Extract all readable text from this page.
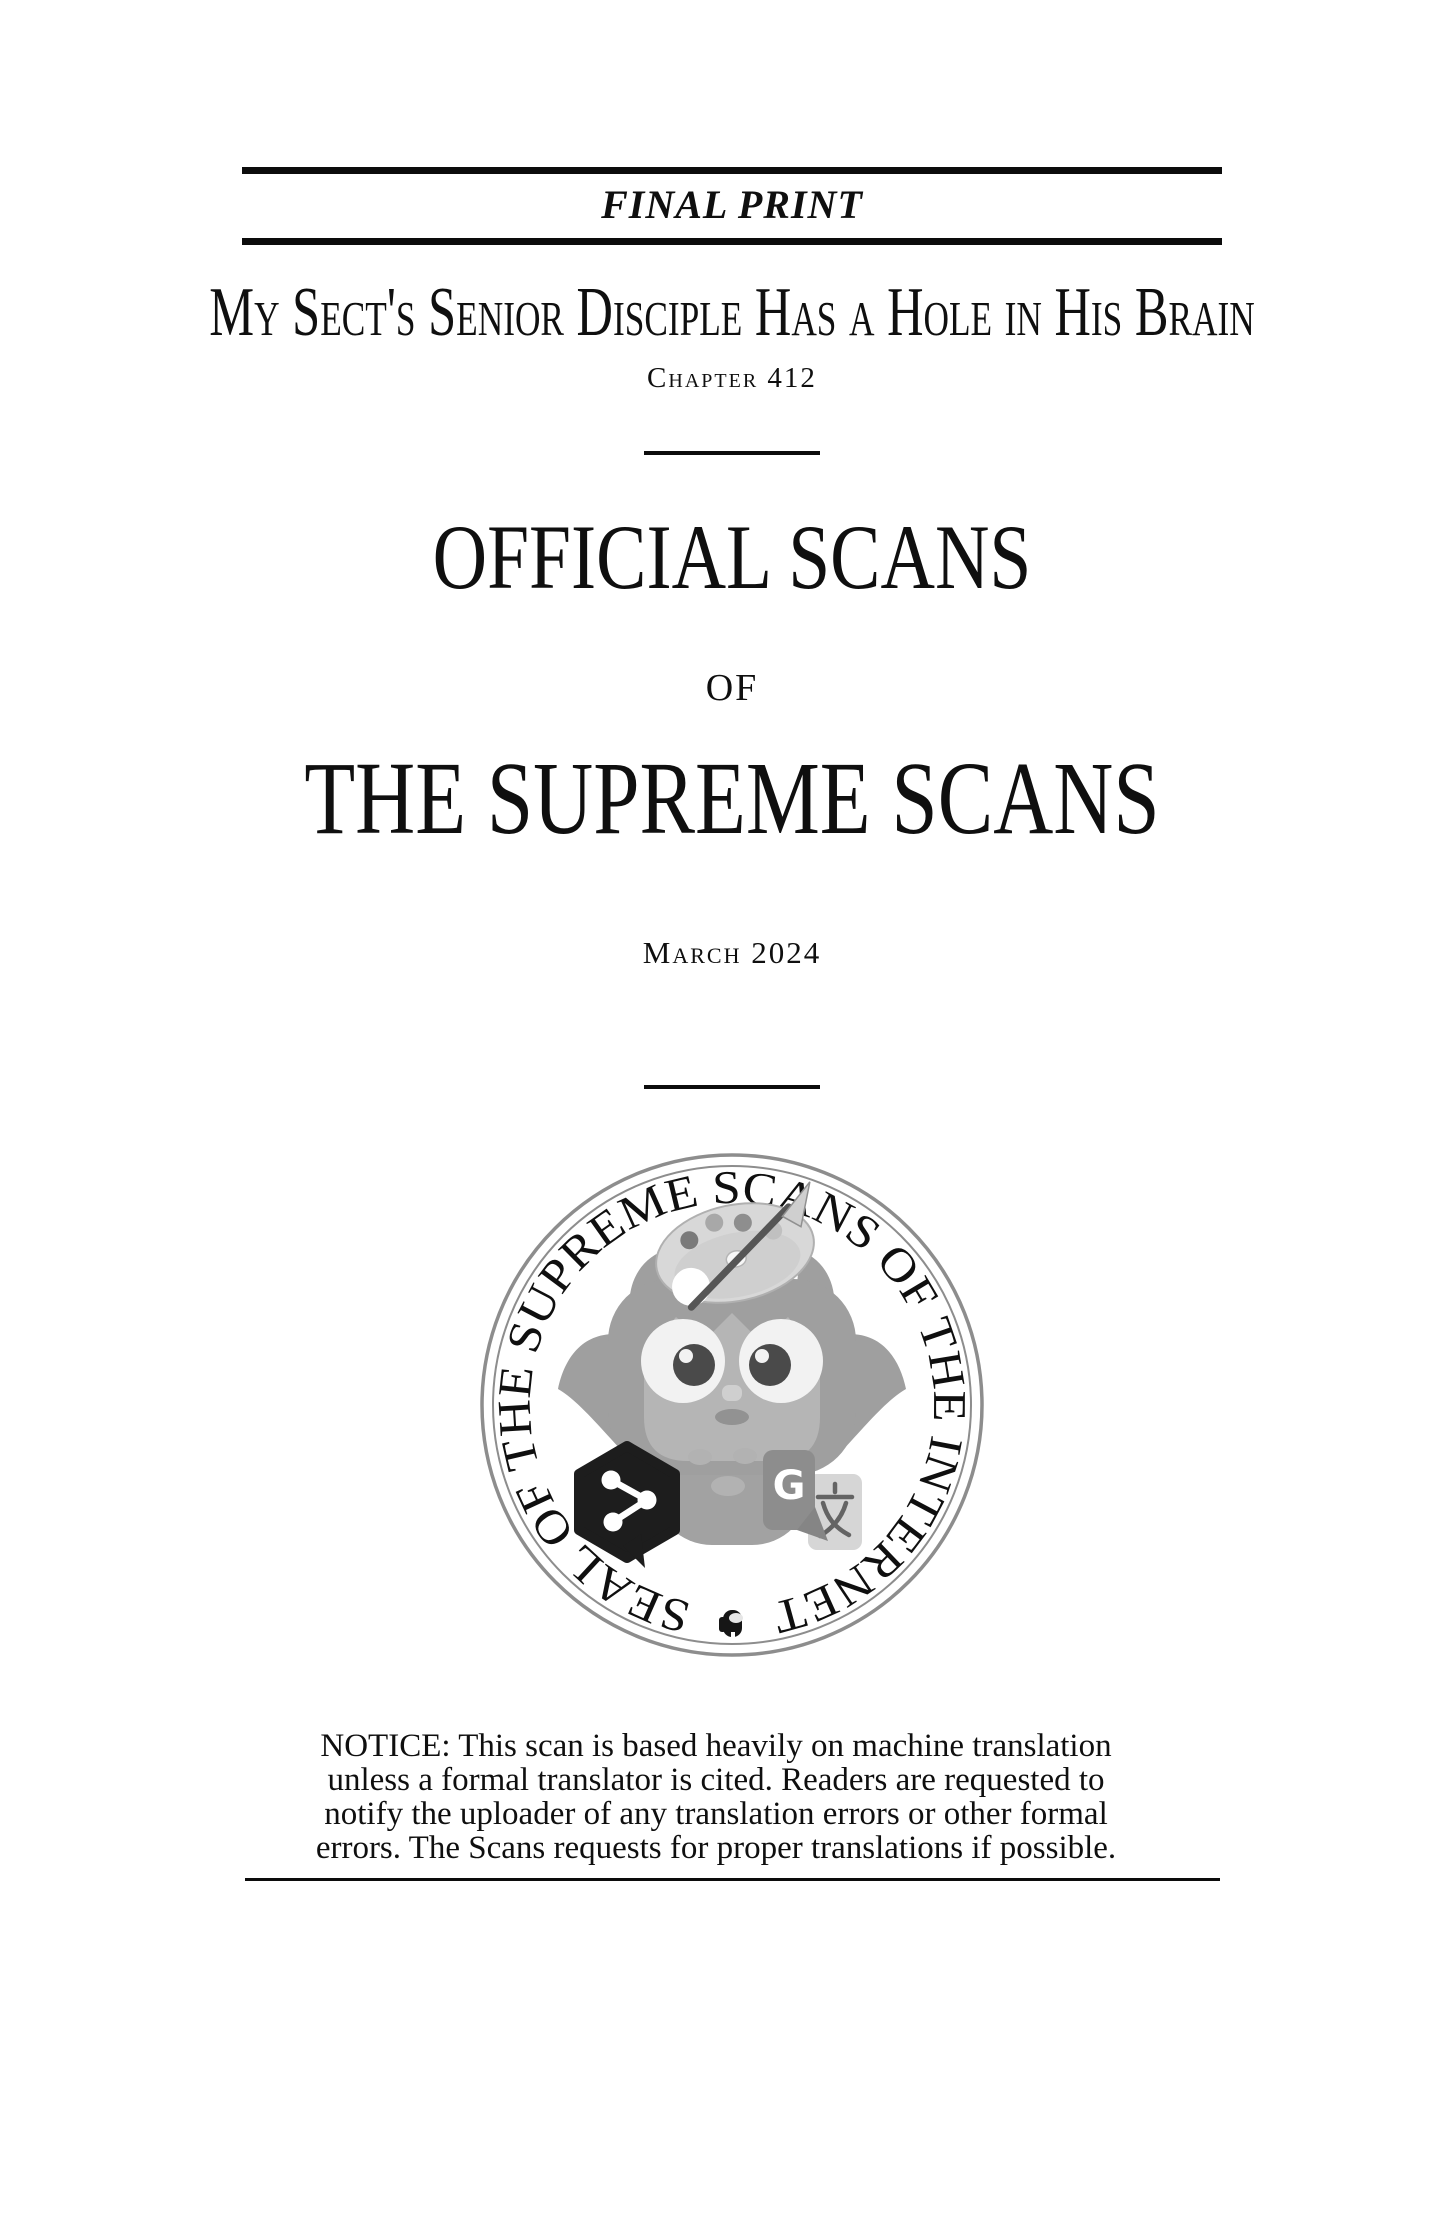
FINAL PRINT
My Sect's Senior Disciple Has a Hole in His Brain
Chapter 412
OFFICIAL SCANS
OF
THE SUPREME SCANS
March 2024
SEAL OF THE SUPREME SCANS OF THE INTERNET
G
NOTICE: This scan is based heavily on machine translation
unless a formal translator is cited. Readers are requested to
notify the uploader of any translation errors or other formal
errors. The Scans requests for proper translations if possible.
